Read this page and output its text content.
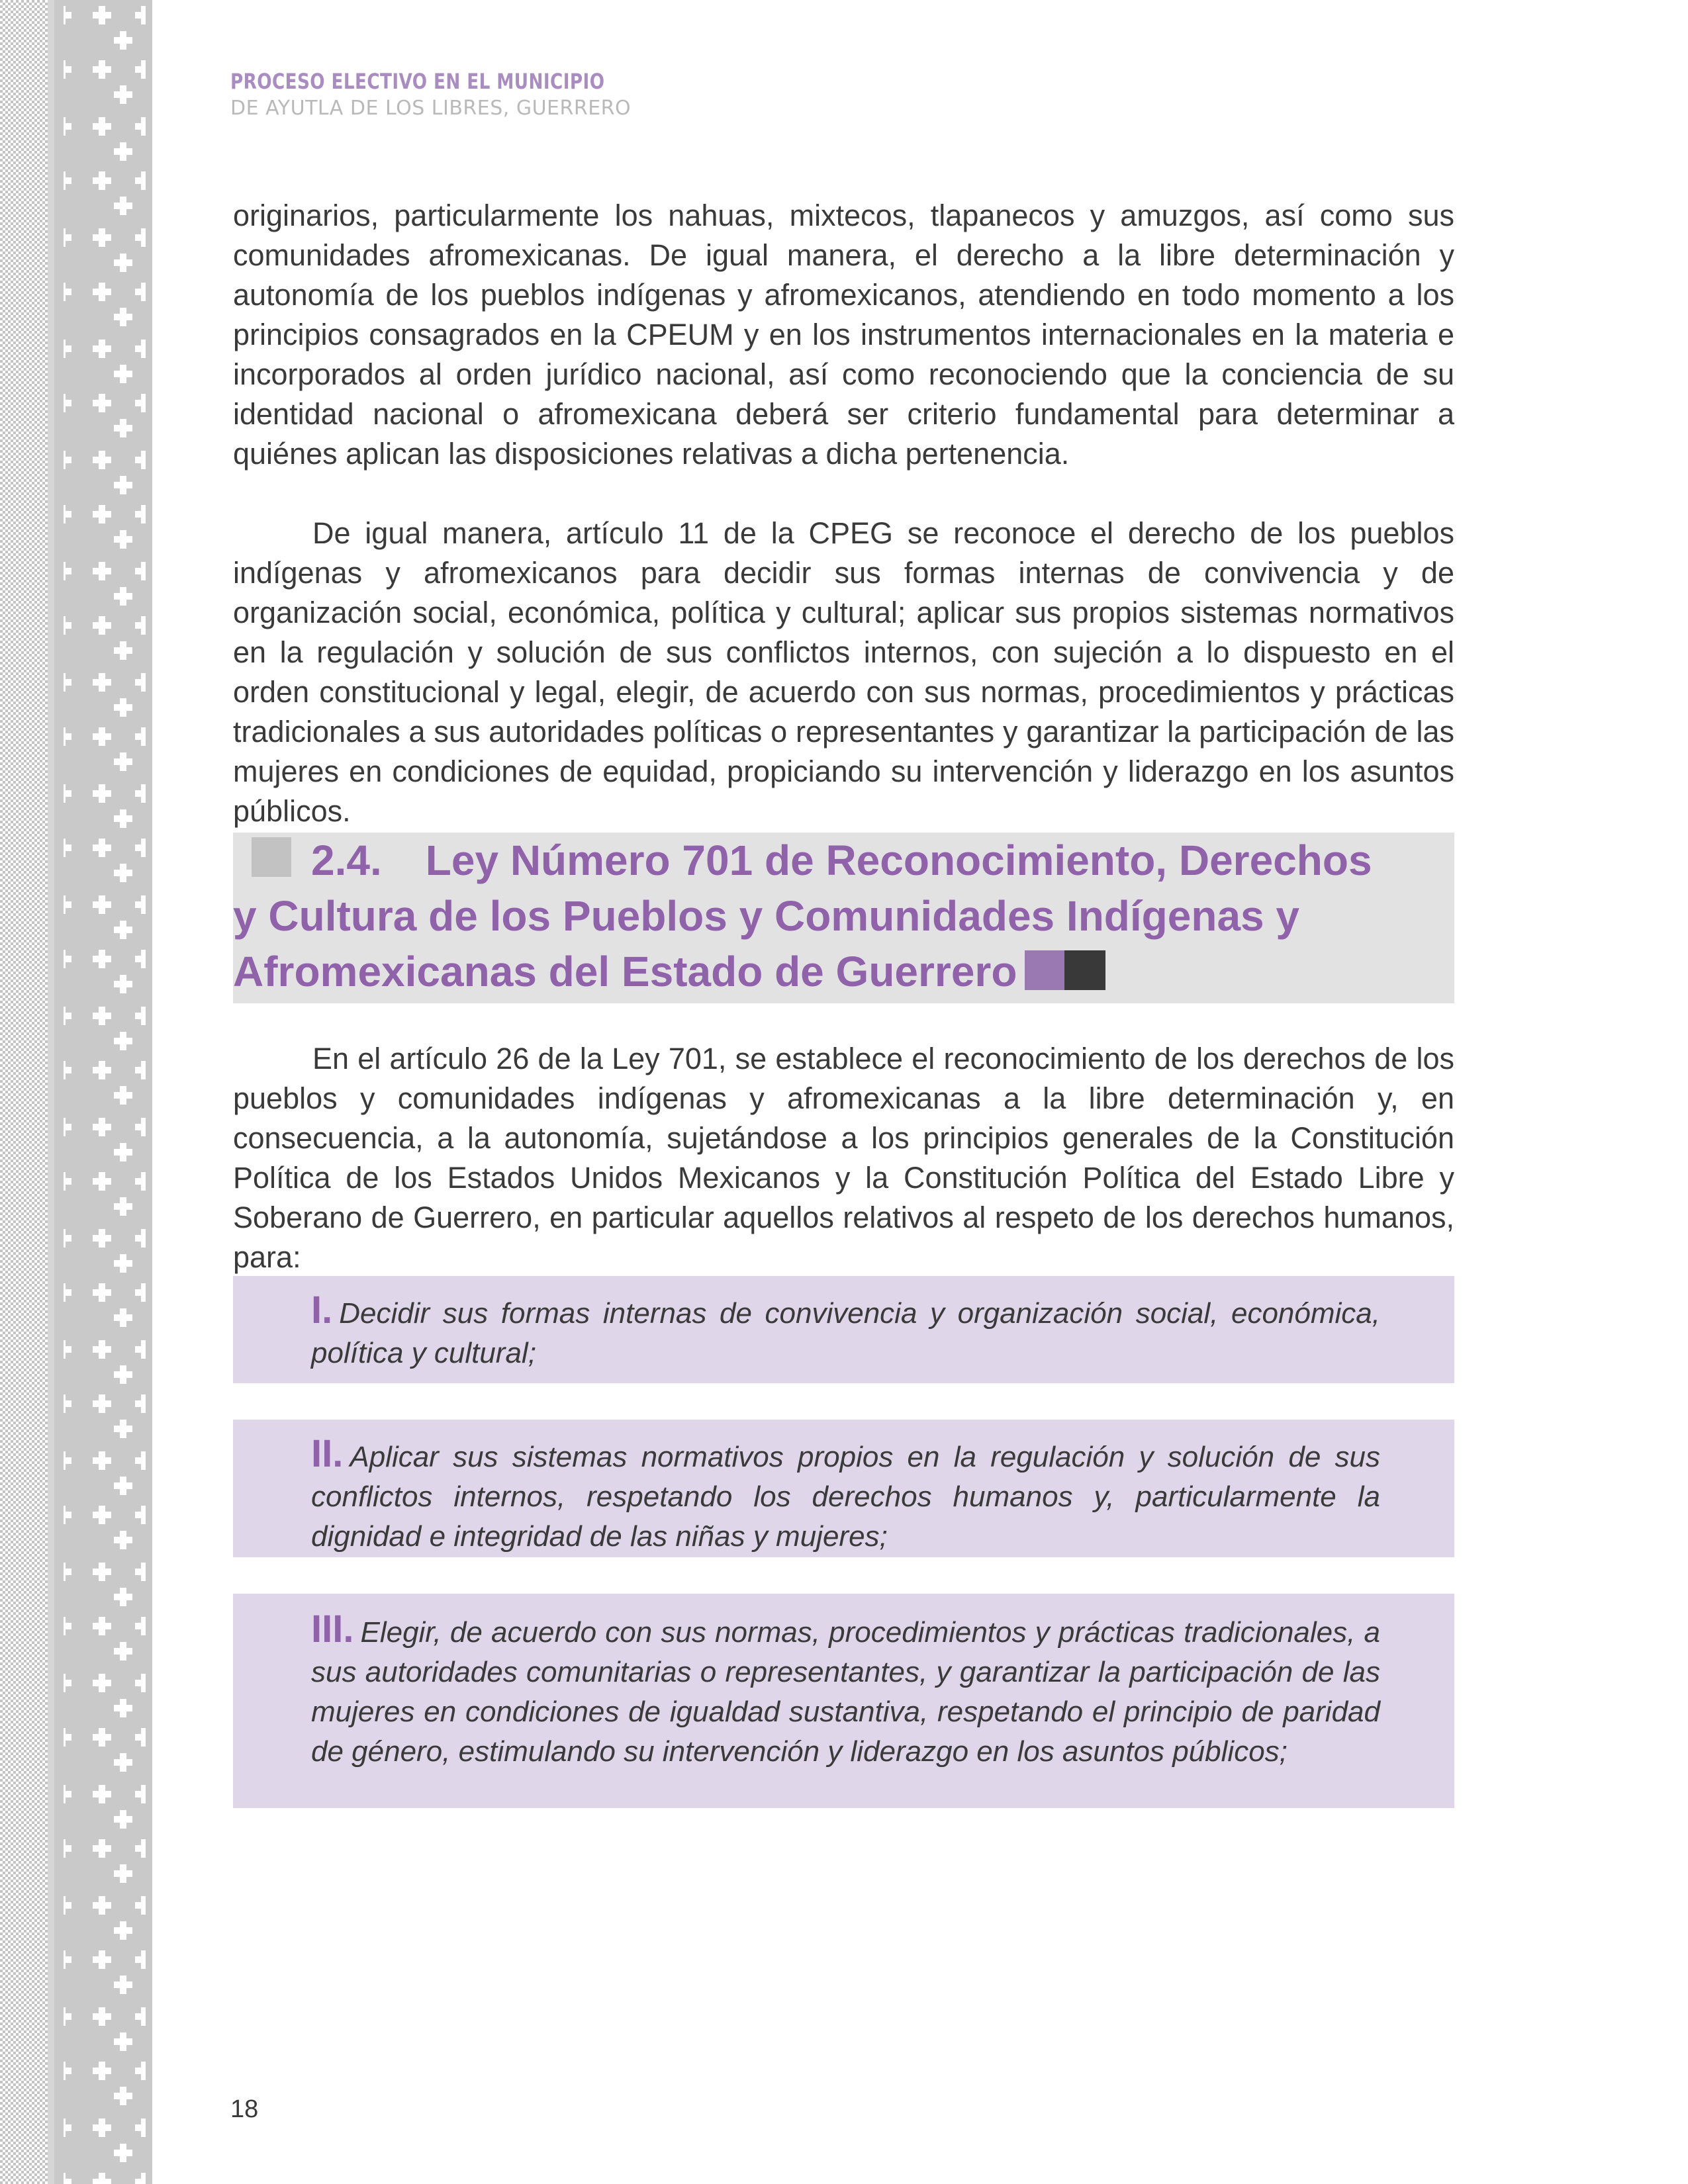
PROCESO ELECTIVO EN EL MUNICIPIO
DE AYUTLA DE LOS LIBRES, GUERRERO

originarios, particularmente los nahuas, mixtecos, tlapanecos y amuzgos, así como sus comunidades afromexicanas. De igual manera, el derecho a la libre determinación y autonomía de los pueblos indígenas y afromexicanos, atendiendo en todo momento a los principios consagrados en la CPEUM y en los instrumentos internacionales en la materia e incorporados al orden jurídico nacional, así como reconociendo que la conciencia de su identidad nacional o afromexicana deberá ser criterio fundamental para determinar a quiénes aplican las disposiciones relativas a dicha pertenencia.

De igual manera, artículo 11 de la CPEG se reconoce el derecho de los pueblos indígenas y afromexicanos para decidir sus formas internas de convivencia y de organización social, económica, política y cultural; aplicar sus propios sistemas normativos en la regulación y solución de sus conflictos internos, con sujeción a lo dispuesto en el orden constitucional y legal, elegir, de acuerdo con sus normas, procedimientos y prácticas tradicionales a sus autoridades políticas o representantes y garantizar la participación de las mujeres en condiciones de equidad, propiciando su intervención y liderazgo en los asuntos públicos.

2.4. Ley Número 701 de Reconocimiento, Derechos
y Cultura de los Pueblos y Comunidades Indígenas y
Afromexicanas del Estado de Guerrero

En el artículo 26 de la Ley 701, se establece el reconocimiento de los derechos de los pueblos y comunidades indígenas y afromexicanas a la libre determinación y, en consecuencia, a la autonomía, sujetándose a los principios generales de la Constitución Política de los Estados Unidos Mexicanos y la Constitución Política del Estado Libre y Soberano de Guerrero, en particular aquellos relativos al respeto de los derechos humanos, para:

I. Decidir sus formas internas de convivencia y organización social, económica, política y cultural;

II. Aplicar sus sistemas normativos propios en la regulación y solución de sus conflictos internos, respetando los derechos humanos y, particularmente la dignidad e integridad de las niñas y mujeres;

III. Elegir, de acuerdo con sus normas, procedimientos y prácticas tradicionales, a sus autoridades comunitarias o representantes, y garantizar la participación de las mujeres en condiciones de igualdad sustantiva, respetando el principio de paridad de género, estimulando su intervención y liderazgo en los asuntos públicos;

18
